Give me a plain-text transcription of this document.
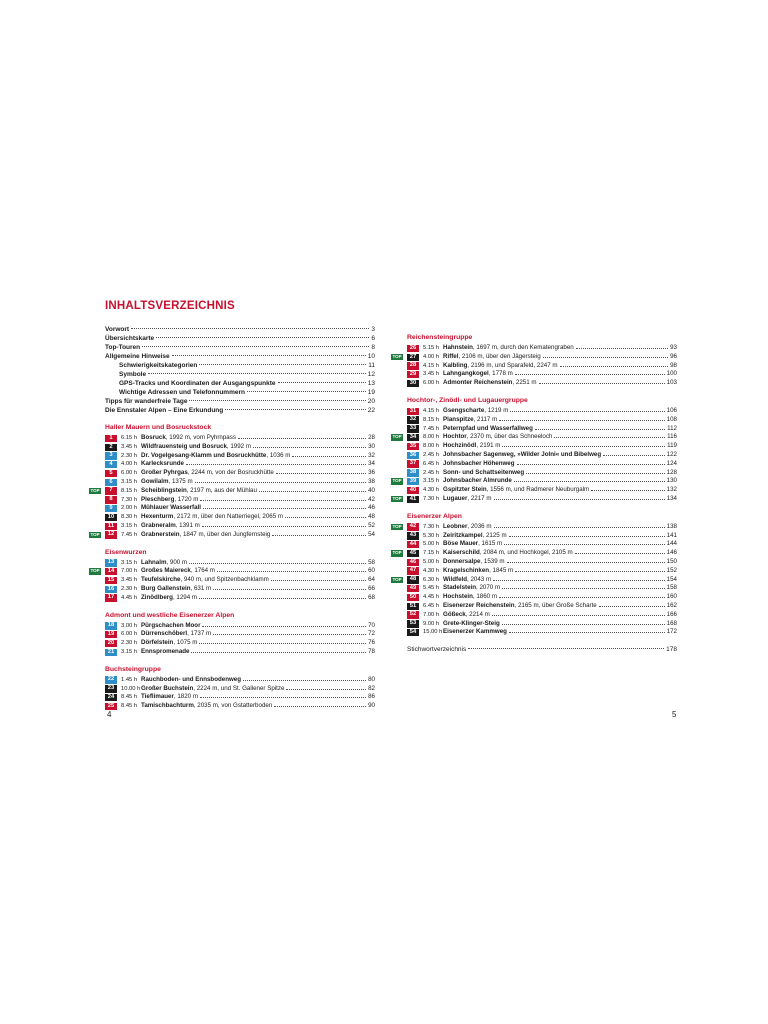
INHALTSVERZEICHNIS
Vorwort	3
Übersichtskarte	6
Top-Touren	8
Allgemeine Hinweise	10
Schwierigkeitskategorien	11
Symbole	12
GPS-Tracks und Koordinaten der Ausgangspunkte	13
Wichtige Adressen und Telefonnummern	19
Tipps für wanderfreie Tage	20
Die Ennstaler Alpen – Eine Erkundung	22
Haller Mauern und Bosruckstock
1	6.15 h Bosruck , 1992 m, vom Pyhrnpass	28
2	3.45 h Wildfrauensteig und Bosruck , 1992 m	30
3	2.30 h Dr. Vogelgesang-Klamm und Bosruckhütte , 1036 m	32
4	4.00 h Karlecksrunde	34
5	6.00 h Großer Pyhrgas , 2244 m, von der Bosruckhütte	36
6	3.15 h Gowilalm , 1375 m	38
TOP	7	8.15 h Scheiblingstein , 2197 m, aus der Mühlau	40
8	7.30 h Pleschberg , 1720 m	42
9	2.00 h Mühlauer Wasserfall	46
10	8.30 h Hexenturm , 2172 m, über den Natterriegel, 2065 m	48
11	3.15 h Grabneralm , 1391 m	52
TOP	12	7.45 h Grabnerstein , 1847 m, über den Jungfernsteig	54
Eisenwurzen
13	3.15 h Lahnalm , 900 m	58
TOP	14	7.00 h Großes Maiereck , 1764 m	60
15	3.45 h Teufelskirche , 940 m, und Spitzenbachklamm	64
16	2.30 h Burg Gallenstein , 631 m	66
17	4.45 h Zinödlberg , 1294 m	68
Admont und westliche Eisenerzer Alpen
18	3.00 h Pürgschachen Moor	70
19	6.00 h Dürrenschöberl , 1737 m	72
20	2.30 h Dörfelstein , 1075 m	76
21	3.15 h Ennspromenade	78
Buchsteingruppe
22	1.45 h Rauchboden- und Ennsbodenweg	80
23	10.00 h Großer Buchstein , 2224 m, und St. Gallener Spitze	82
24	8.45 h Tieflimauer , 1820 m	86
25	8.45 h Tamischbachturm , 2035 m, von Gstatterboden	90
Reichensteingruppe
26	5.15 h Hahnstein , 1697 m, durch den Kematengraben	93
TOP	27	4.00 h Riffel , 2106 m, über den Jägersteig	96
28	4.15 h Kalbling , 2196 m, und Sparafeld, 2247 m	98
29	3.45 h Lahngangkogel , 1778 m	100
30	6.00 h Admonter Reichenstein , 2251 m	103
Hochtor-, Zinödl- und Lugauergruppe
31	4.15 h Gsengscharte , 1219 m	106
32	8.15 h Planspitze , 2117 m	108
33	7.45 h Peternpfad und Wasserfallweg	112
TOP	34	8.00 h Hochtor , 2370 m, über das Schneeloch	116
35	8.00 h Hochzinödl , 2191 m	119
36	2.45 h Johnsbacher Sagenweg, »Wilder Jolni« und Bibelweg	122
37	6.45 h Johnsbacher Höhenweg	124
38	2.45 h Sonn- und Schattseitenweg	128
TOP	39	3.15 h Johnsbacher Almrunde	130
40	4.30 h Gspitzter Stein , 1556 m, und Radmerer Neuburgalm	132
TOP	41	7.30 h Lugauer , 2217 m	134
Eisenerzer Alpen
TOP	42	7.30 h Leobner , 2036 m	138
43	5.30 h Zeiritzkampel , 2125 m	141
44	5.00 h Böse Mauer , 1615 m	144
TOP	45	7.15 h Kaiserschild , 2084 m, und Hochkogel, 2105 m	146
46	5.00 h Donnersalpe , 1539 m	150
47	4.30 h Kragelschinken , 1845 m	152
TOP	48	6.30 h Wildfeld , 2043 m	154
49	5.45 h Stadelstein , 2070 m	158
50	4.45 h Hochstein , 1860 m	160
51	6.45 h Eisenerzer Reichenstein , 2165 m, über Große Scharte	162
52	7.00 h Gößeck , 2214 m	166
53	9.00 h Grete-Klinger-Steig	168
54	15.00 h Eisenerzer Kammweg	172
Stichwortverzeichnis	178
4	5
